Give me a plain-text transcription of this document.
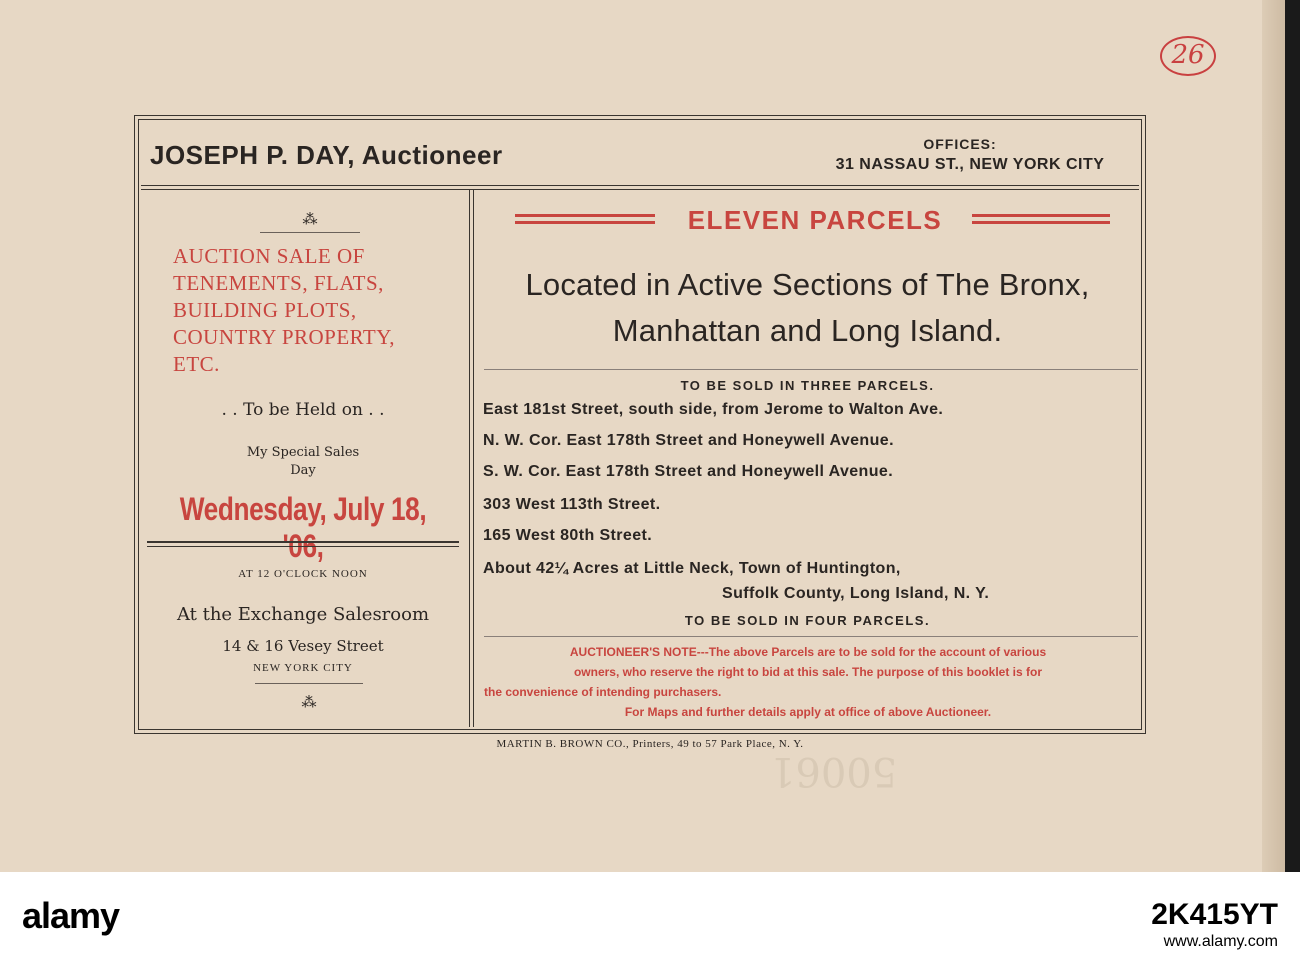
26
JOSEPH P. DAY, Auctioneer	OFFICES:
31 NASSAU ST., NEW YORK CITY
⁂
AUCTION SALE OF
TENEMENTS, FLATS,
BUILDING PLOTS,
COUNTRY PROPERTY,
ETC.
. . To be Held on . .
My Special Sales
Day
Wednesday, July 18,
AT 12 O'CLOCK NOON
At the Exchange Salesroom
14 & 16 Vesey Street
NEW YORK CITY
⁂
ELEVEN PARCELS
Located in Active Sections of The Bronx,
Manhattan and Long Island.
TO BE SOLD IN THREE PARCELS.
East 181st Street, south side, from Jerome to Walton Ave.
N. W. Cor. East 178th Street and Honeywell Avenue.
S. W. Cor. East 178th Street and Honeywell Avenue.
303 West 113th Street.
165 West 80th Street.
About 42¼ Acres at Little Neck, Town of Huntington,
Suffolk County, Long Island, N. Y.
TO BE SOLD IN FOUR PARCELS.
AUCTIONEER'S NOTE---The above Parcels are to be sold for the account of various
owners, who reserve the right to bid at this sale. The purpose of this booklet is for
the convenience of intending purchasers.
For Maps and further details apply at office of above Auctioneer.
MARTIN B. BROWN CO., Printers, 49 to 57 Park Place, N. Y.
50061
alamy	2K415YT
www.alamy.com
